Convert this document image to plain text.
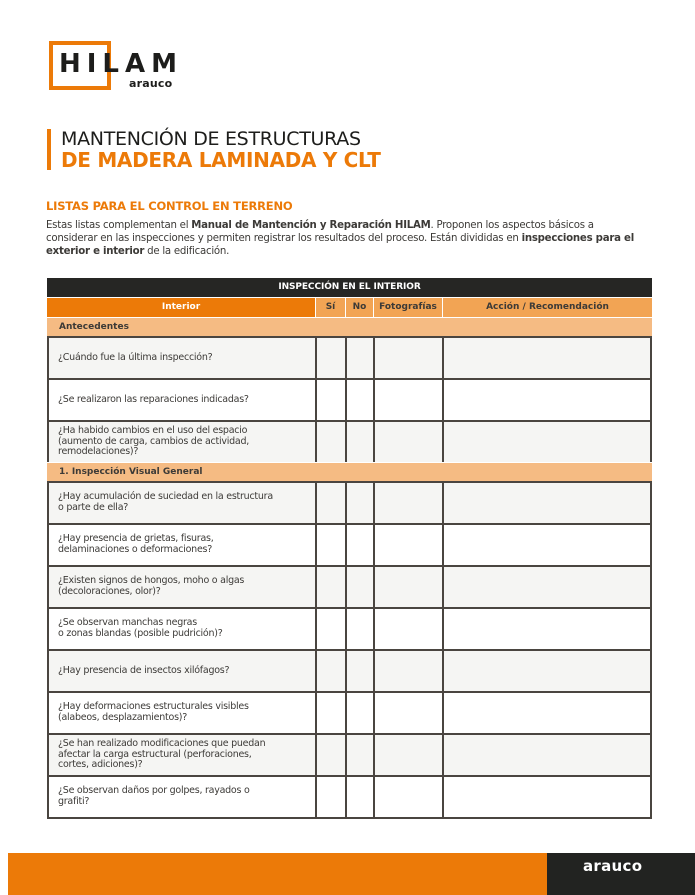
HILAM
arauco
MANTENCIÓN DE ESTRUCTURAS
DE MADERA LAMINADA Y CLT
LISTAS PARA EL CONTROL EN TERRENO
Estas listas complementan el Manual de Mantención y Reparación HILAM. Proponen los aspectos básicos a considerar en las inspecciones y permiten registrar los resultados del proceso. Están divididas en inspecciones para el exterior e interior de la edificación.
INSPECCIÓN EN EL INTERIOR
Interior	Sí	No	Fotografías	Acción / Recomendación
Antecedentes
¿Cuándo fue la última inspección?
¿Se realizaron las reparaciones indicadas?
¿Ha habido cambios en el uso del espacio
(aumento de carga, cambios de actividad,
remodelaciones)?
1. Inspección Visual General
¿Hay acumulación de suciedad en la estructura
o parte de ella?
¿Hay presencia de grietas, fisuras,
delaminaciones o deformaciones?
¿Existen signos de hongos, moho o algas
(decoloraciones, olor)?
¿Se observan manchas negras
o zonas blandas (posible pudrición)?
¿Hay presencia de insectos xilófagos?
¿Hay deformaciones estructurales visibles
(alabeos, desplazamientos)?
¿Se han realizado modificaciones que puedan
afectar la carga estructural (perforaciones,
cortes, adiciones)?
¿Se observan daños por golpes, rayados o
grafiti?
arauco
